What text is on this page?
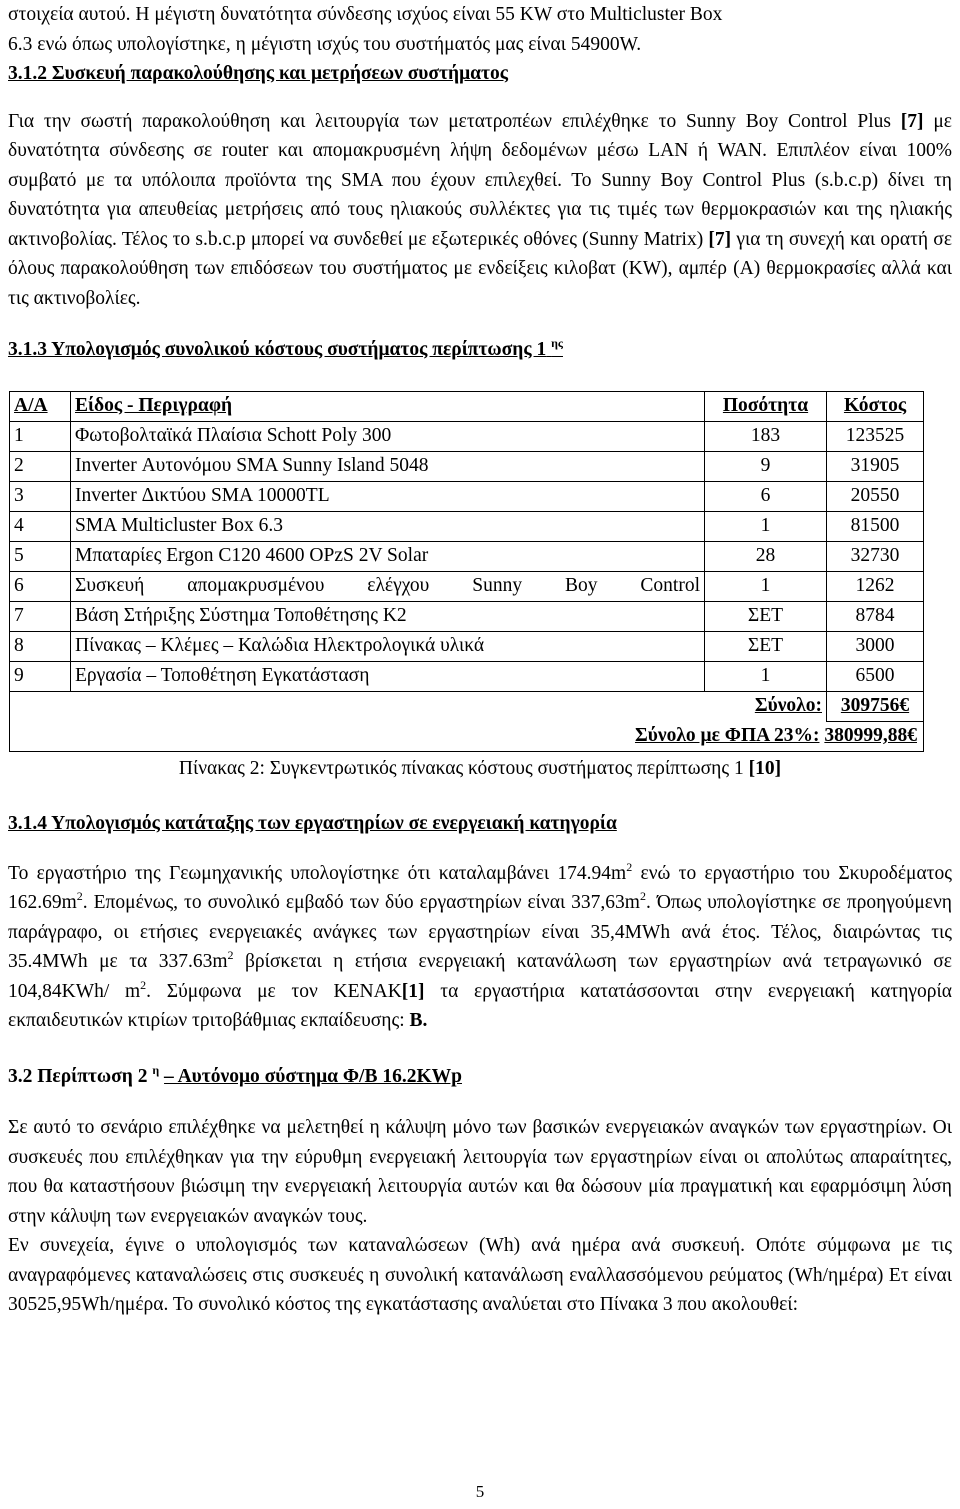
στοιχεία αυτού. Η μέγιστη δυνατότητα σύνδεσης ισχύος είναι 55 KW στο Multicluster Box
6.3 ενώ όπως υπολογίστηκε, η μέγιστη ισχύς του συστήματός μας είναι 54900W.

3.1.2 Συσκευή παρακολούθησης και μετρήσεων συστήματος

Για την σωστή παρακολούθηση και λειτουργία των μετατροπέων επιλέχθηκε το Sunny Boy Control Plus [7] με δυνατότητα σύνδεσης σε router και απομακρυσμένη λήψη δεδομένων μέσω LAN ή WAN. Επιπλέον είναι 100% συμβατό με τα υπόλοιπα προϊόντα της SMA που έχουν επιλεχθεί. Το Sunny Boy Control Plus (s.b.c.p) δίνει τη δυνατότητα για απευθείας μετρήσεις από τους ηλιακούς συλλέκτες για τις τιμές των θερμοκρασιών και της ηλιακής ακτινοβολίας. Τέλος το s.b.c.p μπορεί να συνδεθεί με εξωτερικές οθόνες (Sunny Matrix) [7] για τη συνεχή και ορατή σε όλους παρακολούθηση των επιδόσεων του συστήματος με ενδείξεις κιλοβατ (KW), αμπέρ (A) θερμοκρασίες αλλά και τις ακτινοβολίες.

3.1.3 Υπολογισμός συνολικού κόστους συστήματος περίπτωσης 1 $^{\eta\varsigma}$

Α/Α	Είδος - Περιγραφή	Ποσότητα	Κόστος
1	Φωτοβολταϊκά Πλαίσια Schott Poly 300	183	123525
2	Inverter Αυτονόμου SMA Sunny Island 5048	9	31905
3	Inverter Δικτύου SMA 10000TL	6	20550
4	SMA Multicluster Box 6.3	1	81500
5	Μπαταρίες Ergon C120 4600 OPzS 2V Solar	28	32730
6	Συσκευή απομακρυσμένου ελέγχου Sunny Boy Control	1	1262
7	Βάση Στήριξης Σύστημα Τοποθέτησης K2	ΣΕΤ	8784
8	Πίνακας – Κλέμες – Καλώδια Ηλεκτρολογικά υλικά	ΣΕΤ	3000
9	Εργασία – Τοποθέτηση Εγκατάσταση	1	6500
Σύνολο:			309756€
Σύνολο με ΦΠΑ 23%: 380999,88€			

Πίνακας 2: Συγκεντρωτικός πίνακας κόστους συστήματος περίπτωσης 1 [10]

3.1.4 Υπολογισμός κατάταξης των εργαστηρίων σε ενεργειακή κατηγορία

Το εργαστήριο της Γεωμηχανικής υπολογίστηκε ότι καταλαμβάνει $174.94m^2$ ενώ το εργαστήριο του Σκυροδέματος $162.69m^2$. Επομένως, το συνολικό εμβαδό των δύο εργαστηρίων είναι $337,63m^2$. Όπως υπολογίστηκε σε προηγούμενη παράγραφο, οι ετήσιες ενεργειακές ανάγκες των εργαστηρίων είναι 35,4MWh ανά έτος. Τέλος, διαιρώντας τις 35.4MWh με τα $337.63m^2$ βρίσκεται η ετήσια ενεργειακή κατανάλωση των εργαστηρίων ανά τετραγωνικό σε 104,84KWh/ $m^2$. Σύμφωνα με τον ΚΕΝΑΚ[1] τα εργαστήρια κατατάσσονται στην ενεργειακή κατηγορία εκπαιδευτικών κτιρίων τριτοβάθμιας εκπαίδευσης: B.

3.2 Περίπτωση 2 $^\eta$ – Αυτόνομο σύστημα Φ/Β 16.2KWp

Σε αυτό το σενάριο επιλέχθηκε να μελετηθεί η κάλυψη μόνο των βασικών ενεργειακών αναγκών των εργαστηρίων. Οι συσκευές που επιλέχθηκαν για την εύρυθμη ενεργειακή λειτουργία των εργαστηρίων είναι οι απολύτως απαραίτητες, που θα καταστήσουν βιώσιμη την ενεργειακή λειτουργία αυτών και θα δώσουν μία πραγματική και εφαρμόσιμη λύση στην κάλυψη των ενεργειακών αναγκών τους.

Εν συνεχεία, έγινε ο υπολογισμός των καταναλώσεων (Wh) ανά ημέρα ανά συσκευή. Οπότε σύμφωνα με τις αναγραφόμενες καταναλώσεις στις συσκευές η συνολική κατανάλωση εναλλασσόμενου ρεύματος (Wh/ημέρα) Ετ είναι 30525,95Wh/ημέρα. Το συνολικό κόστος της εγκατάστασης αναλύεται στο Πίνακα 3 που ακολουθεί:

5
